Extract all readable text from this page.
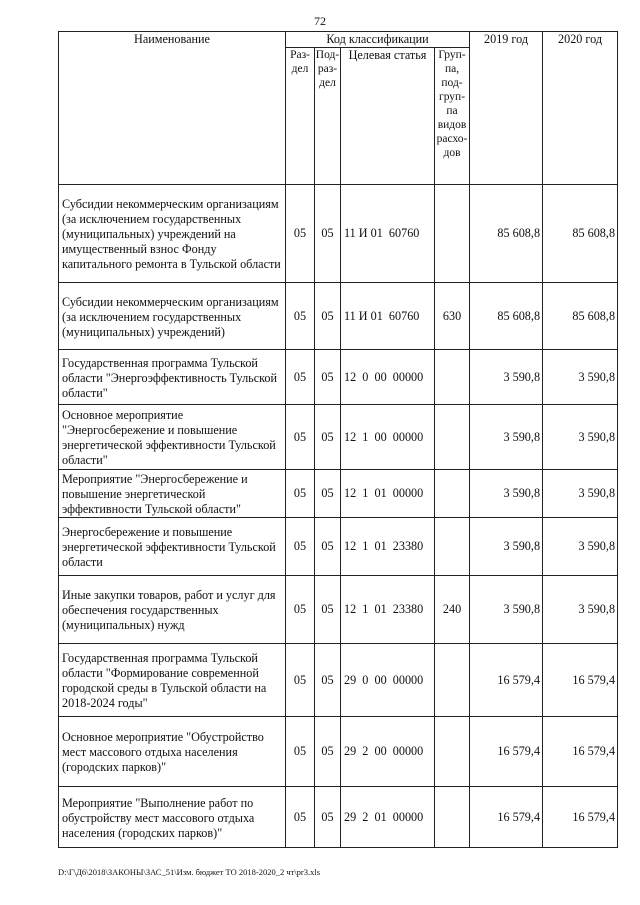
72
Наименование	Код классификации				2019 год	2020 год
	Раз-дел	Под-раз-дел	Целевая статья	Груп-па, под-груп-па видов расхо-дов		
Субсидии некоммерческим организациям (за исключением государственных (муниципальных) учреждений на имущественный взнос Фонду капитального ремонта в Тульской области	05	05	11 И 01  60760		85 608,8	85 608,8
Субсидии некоммерческим организациям (за исключением государственных (муниципальных) учреждений)	05	05	11 И 01  60760	630	85 608,8	85 608,8
Государственная программа Тульской области "Энергоэффективность Тульской области"	05	05	12  0  00  00000		3 590,8	3 590,8
Основное мероприятие "Энергосбережение и повышение энергетической эффективности Тульской области"	05	05	12  1  00  00000		3 590,8	3 590,8
Мероприятие "Энергосбережение и повышение энергетической эффективности Тульской области"	05	05	12  1  01  00000		3 590,8	3 590,8
Энергосбережение и повышение энергетической эффективности Тульской области	05	05	12  1  01  23380		3 590,8	3 590,8
Иные закупки товаров, работ и услуг для обеспечения государственных (муниципальных) нужд	05	05	12  1  01  23380	240	3 590,8	3 590,8
Государственная программа Тульской области "Формирование современной городской среды в Тульской области на 2018-2024 годы"	05	05	29  0  00  00000		16 579,4	16 579,4
Основное мероприятие "Обустройство мест массового отдыха населения (городских парков)"	05	05	29  2  00  00000		16 579,4	16 579,4
Мероприятие "Выполнение работ по обустройству мест массового отдыха населения (городских парков)"	05	05	29  2  01  00000		16 579,4	16 579,4
D:\Г\Д6\2018\ЗАКОНЫ\ЗАС_51\Изм. бюджет ТО 2018-2020_2 чт\pr3.xls
